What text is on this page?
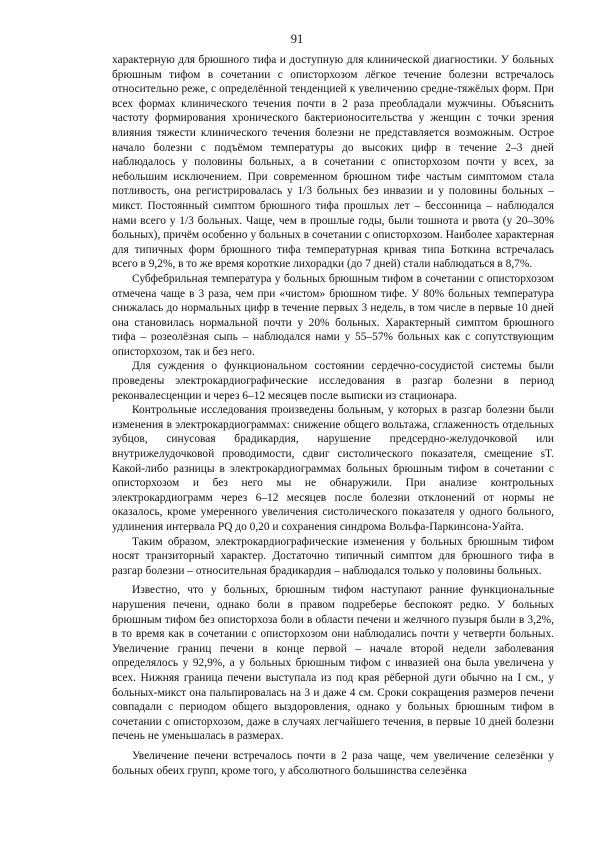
91

характерную для брюшного тифа и доступную для клинической диагностики. У больных брюшным тифом в сочетании с описторхозом лёгкое течение болезни встречалось относительно реже, с определённой тенденцией к увеличению средне-тяжёлых форм. При всех формах клинического течения почти в 2 раза преобладали мужчины. Объяснить частоту формирования хронического бактерионосительства у женщин с точки зрения влияния тяжести клинического течения болезни не представляется возможным. Острое начало болезни с подъёмом температуры до высоких цифр в течение 2–3 дней наблюдалось у половины больных, а в сочетании с описторхозом почти у всех, за небольшим исключением. При современном брюшном тифе частым симптомом стала потливость, она регистрировалась у 1/3 больных без инвазии и у половины больных – микст. Постоянный симптом брюшного тифа прошлых лет – бессонница – наблюдался нами всего у 1/3 больных. Чаще, чем в прошлые годы, были тошнота и рвота (у 20–30% больных), причём особенно у больных в сочетании с описторхозом. Наиболее характерная для типичных форм брюшного тифа температурная кривая типа Боткина встречалась всего в 9,2%, в то же время короткие лихорадки (до 7 дней) стали наблюдаться в 8,7%.

Субфебрильная температура у больных брюшным тифом в сочетании с описторхозом отмечена чаще в 3 раза, чем при «чистом» брюшном тифе. У 80% больных температура снижалась до нормальных цифр в течение первых 3 недель, в том числе в первые 10 дней она становилась нормальной почти у 20% больных. Характерный симптом брюшного тифа – розеолёзная сыпь – наблюдался нами у 55–57% больных как с сопутствующим описторхозом, так и без него.

Для суждения о функциональном состоянии сердечно-сосудистой системы были проведены электрокардиографические исследования в разгар болезни в период реконвалесценции и через 6–12 месяцев после выписки из стационара.

Контрольные исследования произведены больным, у которых в разгар болезни были изменения в электрокардиограммах: снижение общего вольтажа, сглаженность отдельных зубцов, синусовая брадикардия, нарушение предсердно-желудочковой или внутрижелудочковой проводимости, сдвиг систолического показателя, смещение sT. Какой-либо разницы в электрокардиограммах больных брюшным тифом в сочетании с описторхозом и без него мы не обнаружили. При анализе контрольных электрокардиограмм через 6–12 месяцев после болезни отклонений от нормы не оказалось, кроме умеренного увеличения систолического показателя у одного больного, удлинения интервала PQ до 0,20 и сохранения синдрома Вольфа-Паркинсона-Уайта.

Таким образом, электрокардиографические изменения у больных брюшным тифом носят транзиторный характер. Достаточно типичный симптом для брюшного тифа в разгар болезни – относительная брадикардия – наблюдался только у половины больных.

Известно, что у больных, брюшным тифом наступают ранние функциональные нарушения печени, однако боли в правом подреберье беспокоят редко. У больных брюшным тифом без описторхоза боли в области печени и желчного пузыря были в 3,2%, в то время как в сочетании с описторхозом они наблюдались почти у четверти больных. Увеличение границ печени в конце первой – начале второй недели заболевания определялось у 92,9%, а у больных брюшным тифом с инвазией она была увеличена у всех. Нижняя граница печени выступала из под края рёберной дуги обычно на I см., у больных-микст она пальпировалась на 3 и даже 4 см. Сроки сокращения размеров печени совпадали с периодом общего выздоровления, однако у больных брюшным тифом в сочетании с описторхозом, даже в случаях легчайшего течения, в первые 10 дней болезни печень не уменьшалась в размерах.

Увеличение печени встречалось почти в 2 раза чаще, чем увеличение селезёнки у больных обеих групп, кроме того, у абсолютного большинства селезёнка
